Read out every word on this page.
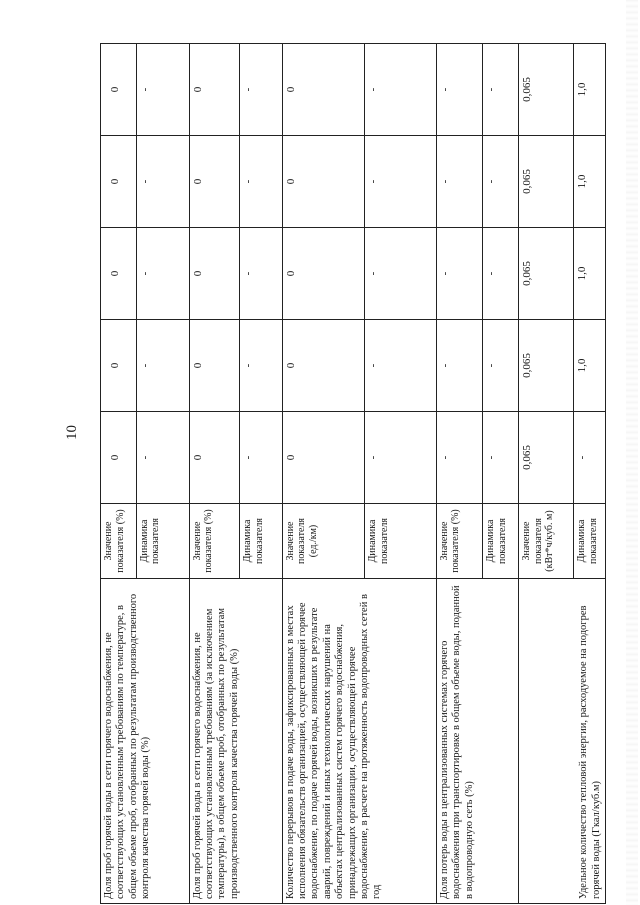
10
Доля проб горячей воды в сети горячего водоснабжения, не соответствующих установленным требованиям по температуре, в общем объеме проб, отобранных по результатам производственного контроля качества горячей воды (%)	Значение показателя (%)	0	0	0	0	0
	Динамика показателя	-	-	-	-	-
Доля проб горячей воды в сети горячего водоснабжения, не соответствующих установленным требованиям (за исключением температуры), в общем объеме проб, отобранных по результатам производственного контроля качества горячей воды (%)	Значение показателя (%)	0	0	0	0	0
	Динамика показателя	-	-	-	-	-
Количество перерывов в подаче воды, зафиксированных в местах исполнения обязательств организацией, осуществляющей горячее водоснабжение, по подаче горячей воды, возникших в результате аварий, повреждений и иных технологических нарушений на объектах централизованных систем горячего водоснабжения, принадлежащих организации, осуществляющей горячее водоснабжение, в расчете на протяженность водопроводных сетей в год	Значение показателя (ед./км)	0	0	0	0	0
	Динамика показателя	-	-	-	-	-
Доля потерь воды в централизованных системах горячего водоснабжения при транспортировке в общем объеме воды, поданной в водопроводную сеть (%)	Значение показателя (%)	-	-	-	-	-
	Динамика показателя	-	-	-	-	-
Удельное количество тепловой энергии, расходуемое на подогрев горячей воды (Гкал/куб.м)	Значение показателя (кВт*ч/куб. м)	0,065	0,065	0,065	0,065	0,065
	Динамика показателя	-	1,0	1,0	1,0	1,0
